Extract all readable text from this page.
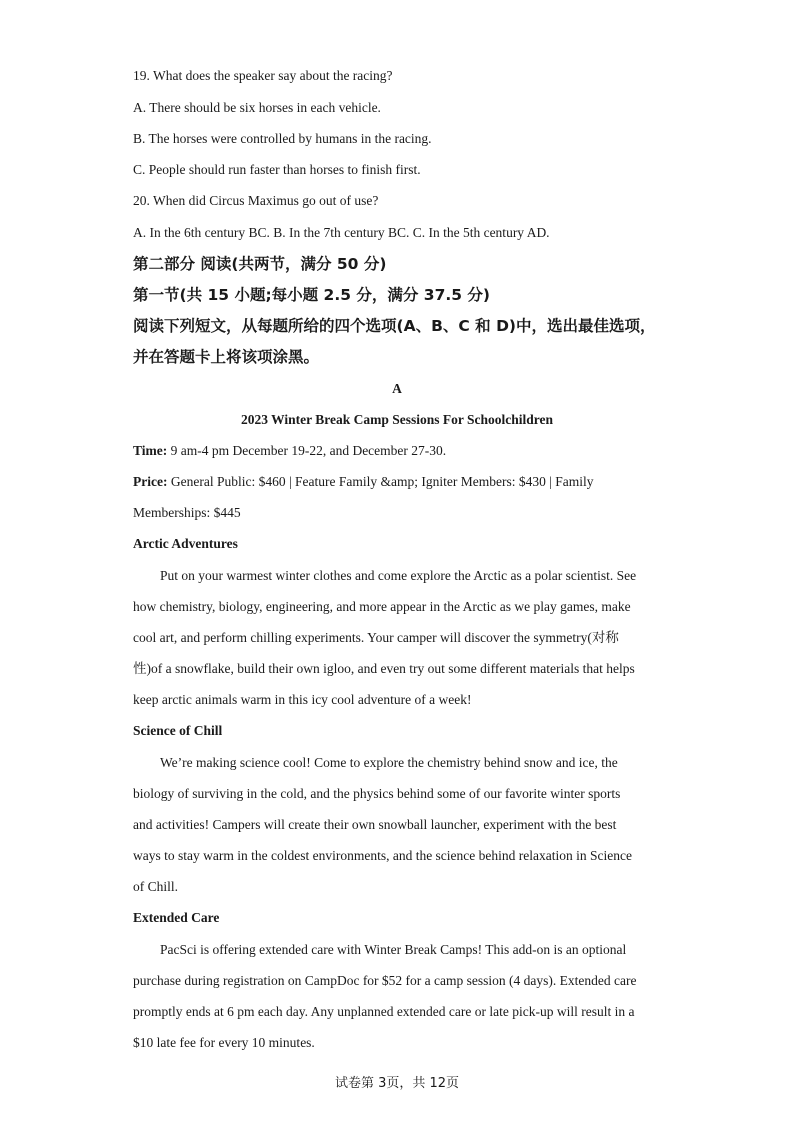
19. What does the speaker say about the racing?
A. There should be six horses in each vehicle.
B. The horses were controlled by humans in the racing.
C. People should run faster than horses to finish first.
20. When did Circus Maximus go out of use?
A. In the 6th century BC. B. In the 7th century BC. C. In the 5th century AD.
第二部分 阅读(共两节，满分 50 分)
第一节(共 15 小题;每小题 2.5 分，满分 37.5 分)
阅读下列短文，从每题所给的四个选项(A、B、C 和 D)中，选出最佳选项，
并在答题卡上将该项涂黑。
A
2023 Winter Break Camp Sessions For Schoolchildren
Time: 9 am-4 pm December 19-22, and December 27-30.
Price: General Public: $460 | Feature Family &amp; Igniter Members: $430 | Family
Memberships: $445
Arctic Adventures
Put on your warmest winter clothes and come explore the Arctic as a polar scientist. See
how chemistry, biology, engineering, and more appear in the Arctic as we play games, make
cool art, and perform chilling experiments. Your camper will discover the symmetry(对称
性)of a snowflake, build their own igloo, and even try out some different materials that helps
keep arctic animals warm in this icy cool adventure of a week!
Science of Chill
We’re making science cool! Come to explore the chemistry behind snow and ice, the
biology of surviving in the cold, and the physics behind some of our favorite winter sports
and activities! Campers will create their own snowball launcher, experiment with the best
ways to stay warm in the coldest environments, and the science behind relaxation in Science
of Chill.
Extended Care
PacSci is offering extended care with Winter Break Camps! This add-on is an optional
purchase during registration on CampDoc for $52 for a camp session (4 days). Extended care
promptly ends at 6 pm each day. Any unplanned extended care or late pick-up will result in a
$10 late fee for every 10 minutes.
试卷第 3页，共 12页
